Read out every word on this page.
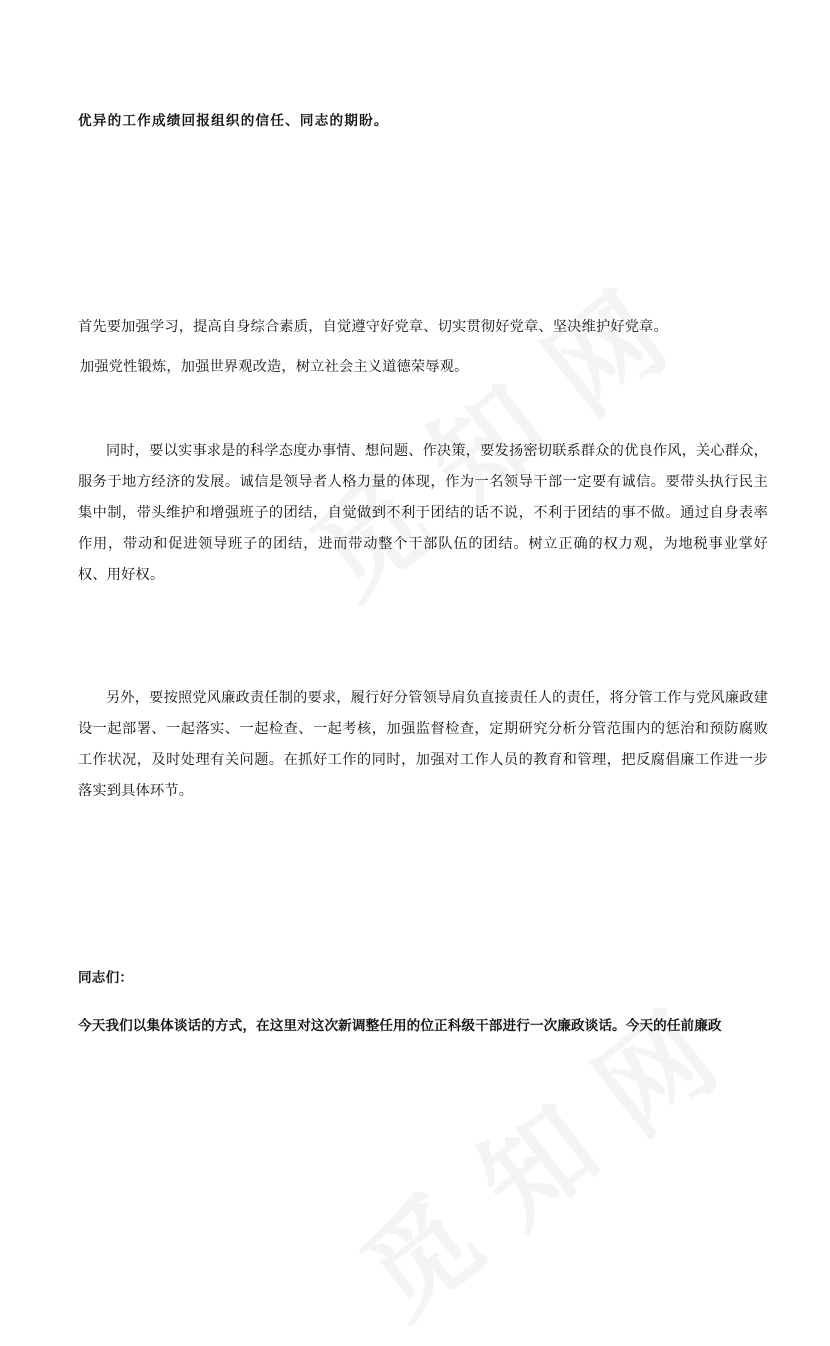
优异的工作成绩回报组织的信任、同志的期盼。
首先要加强学习，提高自身综合素质，自觉遵守好党章、切实贯彻好党章、坚决维护好党章。
加强党性锻炼，加强世界观改造，树立社会主义道德荣辱观。
同时，要以实事求是的科学态度办事情、想问题、作决策，要发扬密切联系群众的优良作风，关心群众，服务于地方经济的发展。诚信是领导者人格力量的体现，作为一名领导干部一定要有诚信。要带头执行民主集中制，带头维护和增强班子的团结，自觉做到不利于团结的话不说，不利于团结的事不做。通过自身表率作用，带动和促进领导班子的团结，进而带动整个干部队伍的团结。树立正确的权力观，为地税事业掌好权、用好权。
另外，要按照党风廉政责任制的要求，履行好分管领导肩负直接责任人的责任，将分管工作与党风廉政建设一起部署、一起落实、一起检查、一起考核，加强监督检查，定期研究分析分管范围内的惩治和预防腐败工作状况，及时处理有关问题。在抓好工作的同时，加强对工作人员的教育和管理，把反腐倡廉工作进一步落实到具体环节。
同志们：
今天我们以集体谈话的方式，在这里对这次新调整任用的位正科级干部进行一次廉政谈话。今天的任前廉政
